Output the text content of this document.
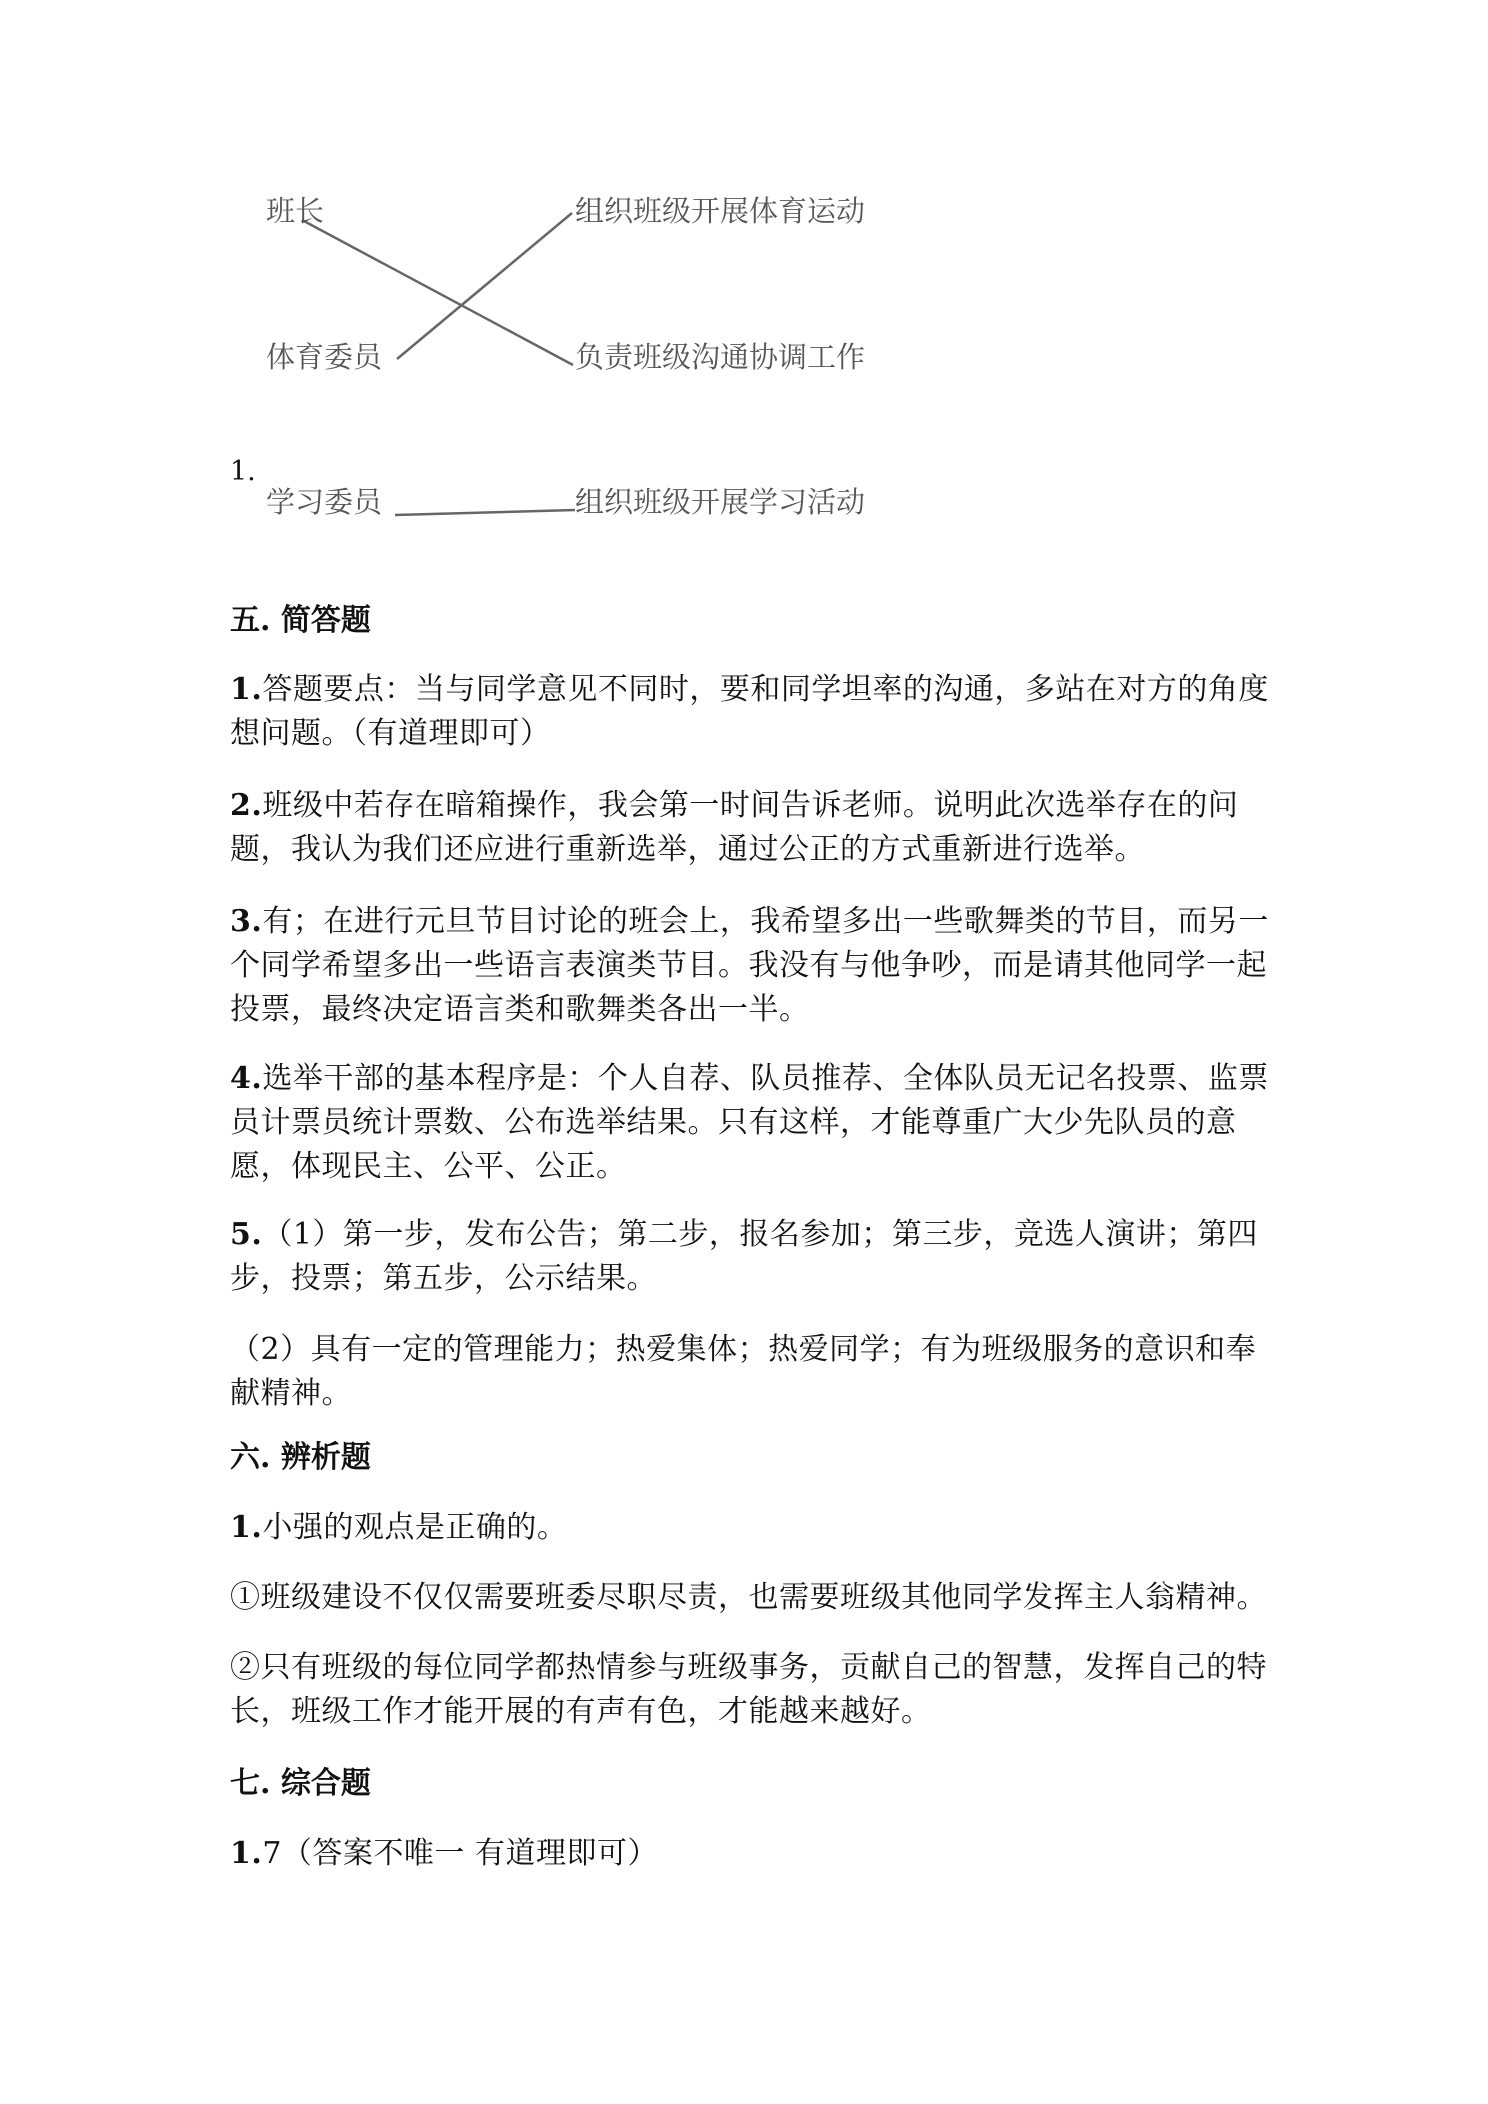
班长
体育委员
学习委员
组织班级开展体育运动
负责班级沟通协调工作
组织班级开展学习活动
1.
五. 简答题
1.答题要点：当与同学意见不同时，要和同学坦率的沟通，多站在对方的角度想问题。（有道理即可）
2.班级中若存在暗箱操作，我会第一时间告诉老师。说明此次选举存在的问题，我认为我们还应进行重新选举，通过公正的方式重新进行选举。
3.有；在进行元旦节目讨论的班会上，我希望多出一些歌舞类的节目，而另一个同学希望多出一些语言表演类节目。我没有与他争吵，而是请其他同学一起投票，最终决定语言类和歌舞类各出一半。
4.选举干部的基本程序是：个人自荐、队员推荐、全体队员无记名投票、监票员计票员统计票数、公布选举结果。只有这样，才能尊重广大少先队员的意愿，体现民主、公平、公正。
5.（1）第一步，发布公告；第二步，报名参加；第三步，竞选人演讲；第四步，投票；第五步，公示结果。
（2）具有一定的管理能力；热爱集体；热爱同学；有为班级服务的意识和奉献精神。
六. 辨析题
1.小强的观点是正确的。
①班级建设不仅仅需要班委尽职尽责，也需要班级其他同学发挥主人翁精神。
②只有班级的每位同学都热情参与班级事务，贡献自己的智慧，发挥自己的特长，班级工作才能开展的有声有色，才能越来越好。
七. 综合题
1.7（答案不唯一 有道理即可）
